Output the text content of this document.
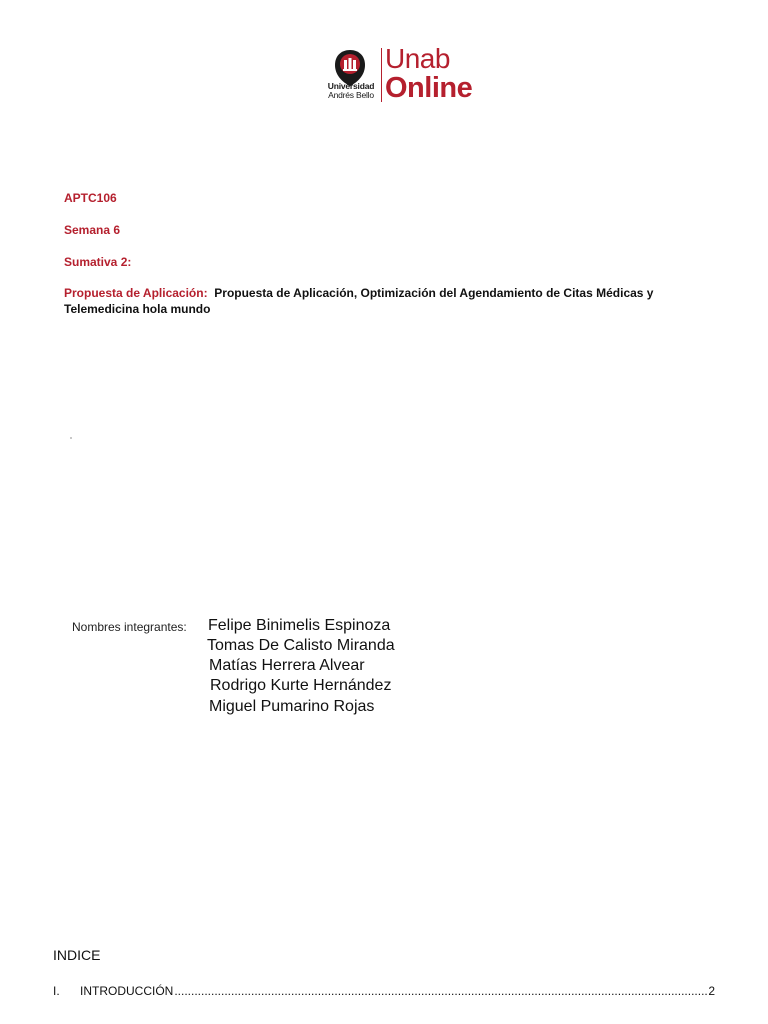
Universidad
Andrés Bello
Unab
Online
APTC106
Semana 6
Sumativa 2:
Propuesta de Aplicación: Propuesta de Aplicación, Optimización del Agendamiento de Citas Médicas y Telemedicina hola mundo
Nombres integrantes: Felipe Binimelis Espinoza
Tomas De Calisto Miranda
Matías Herrera Alvear
Rodrigo Kurte Hernández
Miguel Pumarino Rojas
INDICE
I.	INTRODUCCIÓN
.....	2
